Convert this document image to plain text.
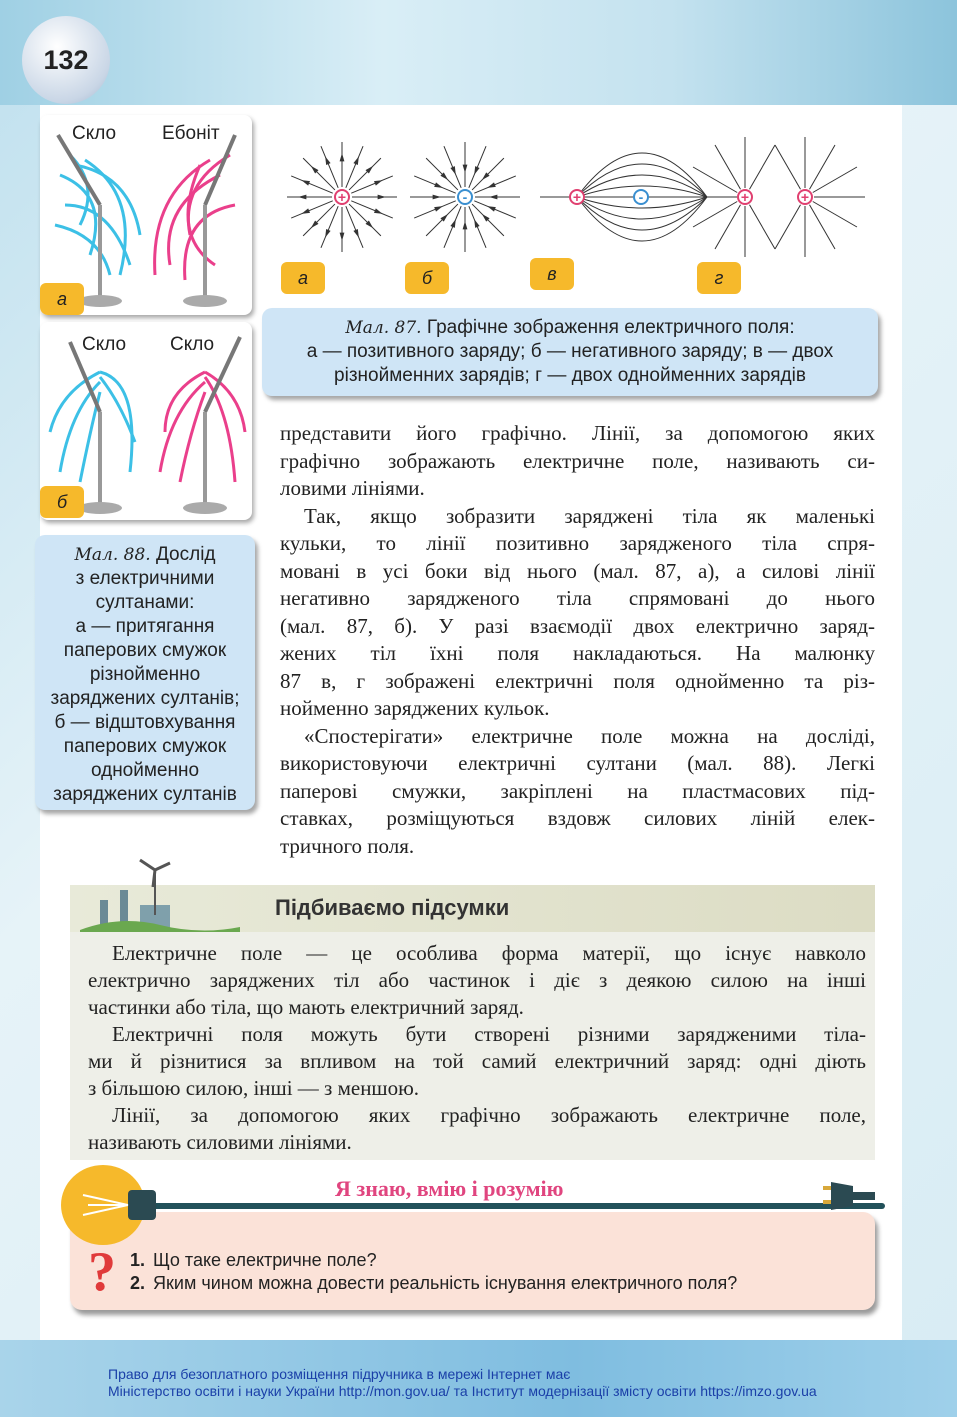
132
Скло Ебоніт
а
Скло Скло
б
Мал. 88. Дослід
з електричними
султанами:
а — притягання
паперових смужок
різнойменно
заряджених султанів;
б — відштовхування
паперових смужок
однойменно
заряджених султанів
+	-	+	-	+	+
а	б	в	г
Мал. 87. Графічне зображення електричного поля:
а — позитивного заряду; б — негативного заряду; в — двох
різнойменних зарядів; г — двох однойменних зарядів
представити його графічно. Лінії, за допомогою яких
графічно зображають електричне поле, називають си-
ловими лініями.
Так, якщо зобразити заряджені тіла як маленькі
кульки, то лінії позитивно зарядженого тіла спря-
мовані в усі боки від нього (мал. 87, а), а силові лінії
негативно зарядженого тіла спрямовані до нього
(мал. 87, б). У разі взаємодії двох електрично заряд-
жених тіл їхні поля накладаються. На малюнку
87 в, г зображені електричні поля однойменно та різ-
нойменно заряджених кульок.
«Спостерігати» електричне поле можна на досліді,
використовуючи електричні султани (мал. 88). Легкі
паперові смужки, закріплені на пластмасових під-
ставках, розміщуються вздовж силових ліній елек-
тричного поля.
Підбиваємо підсумки
Електричне поле — це особлива форма матерії, що існує навколо
електрично заряджених тіл або частинок і діє з деякою силою на інші
частинки або тіла, що мають електричний заряд.
Електричні поля можуть бути створені різними зарядженими тіла-
ми й різнитися за впливом на той самий електричний заряд: одні діють
з більшою силою, інші — з меншою.
Лінії, за допомогою яких графічно зображають електричне поле,
називають силовими лініями.
Я знаю, вмію і розумію
? 1. Що таке електричне поле?
2. Яким чином можна довести реальність існування електричного поля?
Право для безоплатного розміщення підручника в мережі Інтернет має
Міністерство освіти і науки України http://mon.gov.ua/ та Інститут модернізації змісту освіти https://imzo.gov.ua
